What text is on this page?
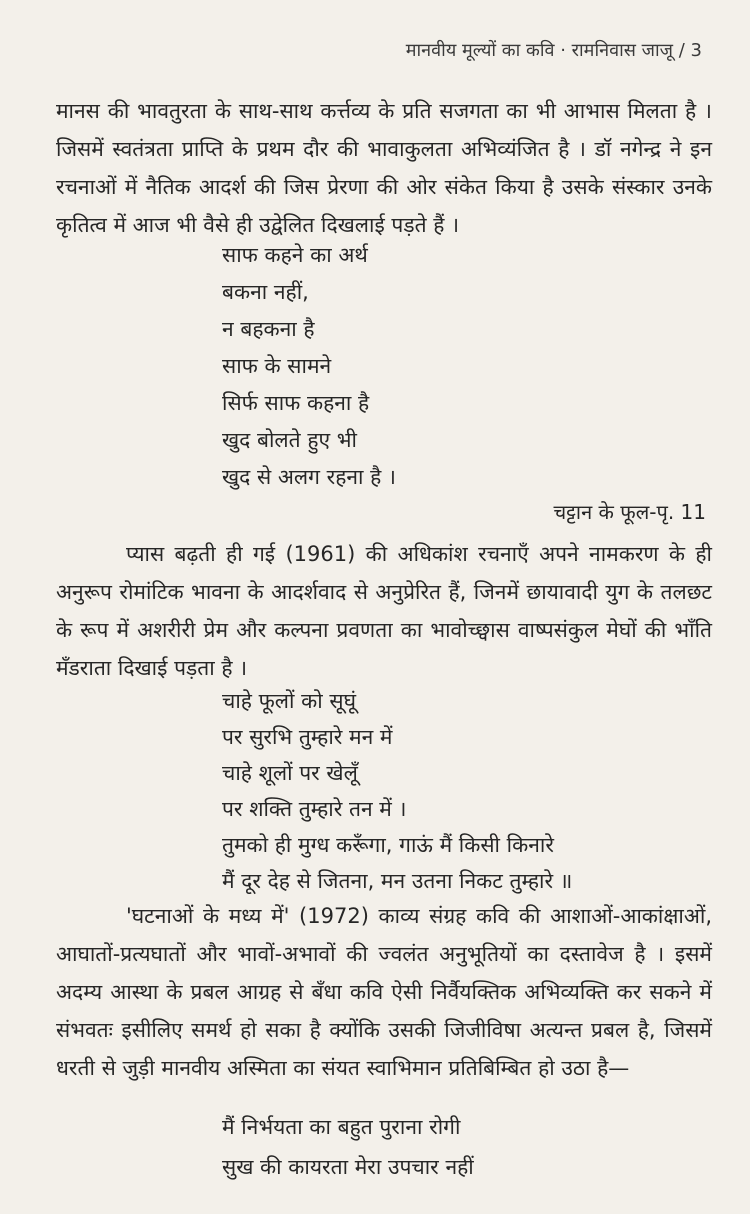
मानवीय मूल्यों का कवि · रामनिवास जाजू / 3

मानस की भावतुरता के साथ-साथ कर्त्तव्य के प्रति सजगता का भी आभास मिलता है । जिसमें स्वतंत्रता प्राप्ति के प्रथम दौर की भावाकुलता अभिव्यंजित है । डॉ नगेन्द्र ने इन रचनाओं में नैतिक आदर्श की जिस प्रेरणा की ओर संकेत किया है उसके संस्कार उनके कृतित्व में आज भी वैसे ही उद्वेलित दिखलाई पड़ते हैं ।

साफ कहने का अर्थ
बकना नहीं,
न बहकना है
साफ के सामने
सिर्फ साफ कहना है
खुद बोलते हुए भी
खुद से अलग रहना है ।
चट्टान के फूल-पृ. 11

प्यास बढ़ती ही गई (1961) की अधिकांश रचनाएँ अपने नामकरण के ही अनुरूप रोमांटिक भावना के आदर्शवाद से अनुप्रेरित हैं, जिनमें छायावादी युग के तलछट के रूप में अशरीरी प्रेम और कल्पना प्रवणता का भावोच्छ्वास वाष्पसंकुल मेघों की भाँति मँडराता दिखाई पड़ता है ।

चाहे फूलों को सूघूं
पर सुरभि तुम्हारे मन में
चाहे शूलों पर खेलूँ
पर शक्ति तुम्हारे तन में ।
तुमको ही मुग्ध करूँगा, गाऊं मैं किसी किनारे
मैं दूर देह से जितना, मन उतना निकट तुम्हारे ॥

'घटनाओं के मध्य में' (1972) काव्य संग्रह कवि की आशाओं-आकांक्षाओं, आघातों-प्रत्यघातों और भावों-अभावों की ज्वलंत अनुभूतियों का दस्तावेज है । इसमें अदम्य आस्था के प्रबल आग्रह से बँधा कवि ऐसी निर्वैयक्तिक अभिव्यक्ति कर सकने में संभवतः इसीलिए समर्थ हो सका है क्योंकि उसकी जिजीविषा अत्यन्त प्रबल है, जिसमें धरती से जुड़ी मानवीय अस्मिता का संयत स्वाभिमान प्रतिबिम्बित हो उठा है—

मैं निर्भयता का बहुत पुराना रोगी
सुख की कायरता मेरा उपचार नहीं
